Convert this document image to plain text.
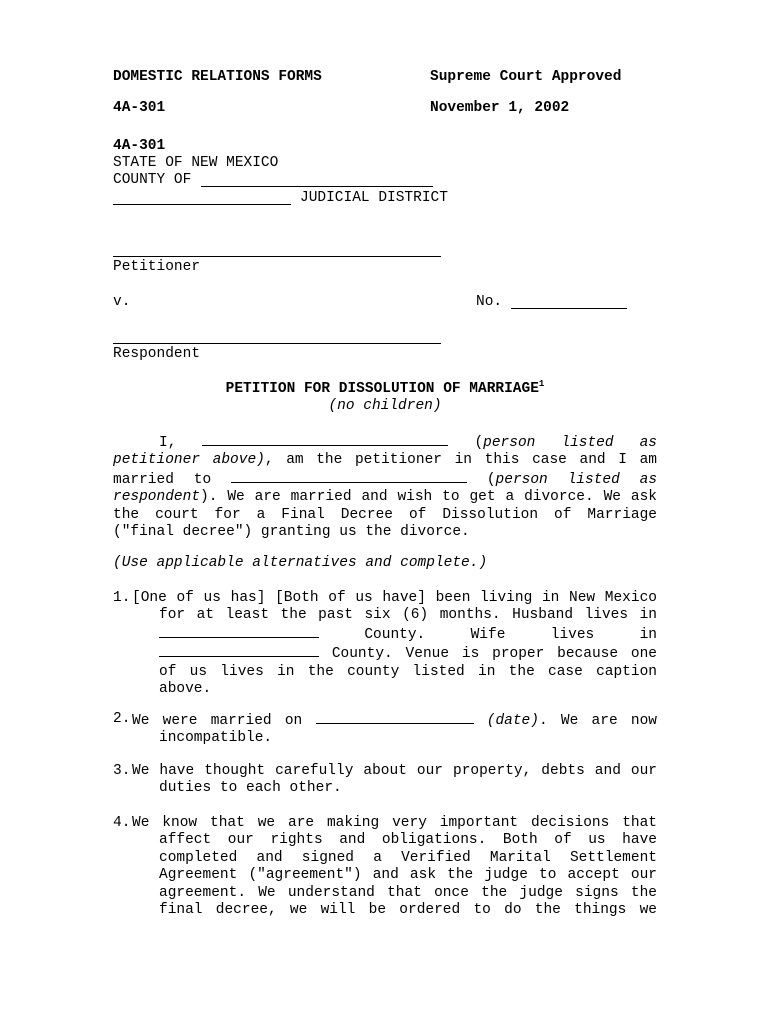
DOMESTIC RELATIONS FORMS	Supreme Court Approved
4A-301	November 1, 2002
4A-301
STATE OF NEW MEXICO
COUNTY OF
JUDICIAL DISTRICT
Petitioner
v.	No.
Respondent
PETITION FOR DISSOLUTION OF MARRIAGE$^1$
(no children)
I,	(person listed as petitioner above), am the petitioner in this case and I am married to	(person listed as respondent). We are married and wish to get a divorce. We ask the court for a Final Decree of Dissolution of Marriage ("final decree") granting us the divorce.
(Use applicable alternatives and complete.)
1. [One of us has] [Both of us have] been living in New Mexico for at least the past six (6) months. Husband lives in  County. Wife lives in  County. Venue is proper because one of us lives in the county listed in the case caption above.
2. We were married on	(date). We are now incompatible.
3. We have thought carefully about our property, debts and our duties to each other.
4. We know that we are making very important decisions that affect our rights and obligations. Both of us have completed and signed a Verified Marital Settlement Agreement ("agreement") and ask the judge to accept our agreement. We understand that once the judge signs the final decree, we will be ordered to do the things we
